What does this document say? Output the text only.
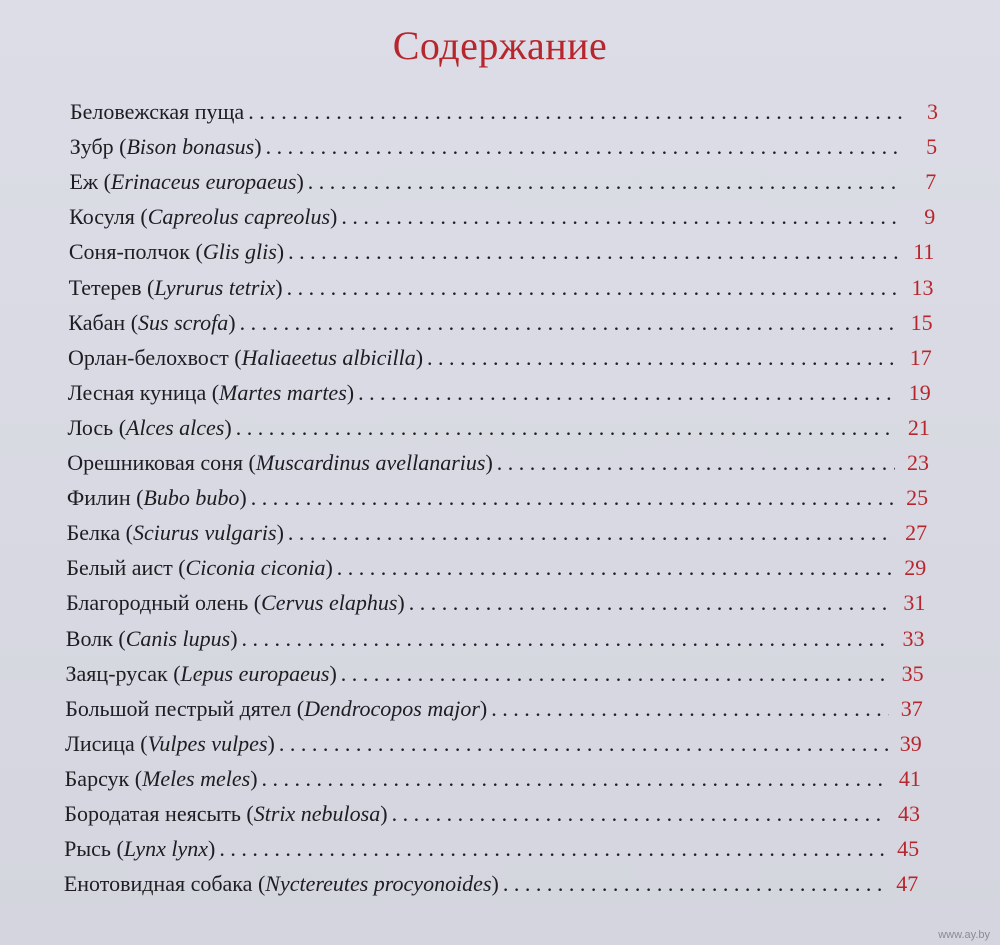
Содержание
Беловежская пуща . . .	3
Зубр (Bison bonasus) . . .	5
Еж (Erinaceus europaeus) . . .	7
Косуля (Capreolus capreolus) . . .	9
Соня-полчок (Glis glis) . . .	11
Тетерев (Lyrurus tetrix) . . .	13
Кабан (Sus scrofa) . . .	15
Орлан-белохвост (Haliaeetus albicilla) . . .	17
Лесная куница (Martes martes) . . .	19
Лось (Alces alces) . . .	21
Орешниковая соня (Muscardinus avellanarius) . . .	23
Филин (Bubo bubo) . . .	25
Белка (Sciurus vulgaris) . . .	27
Белый аист (Ciconia ciconia) . . .	29
Благородный олень (Cervus elaphus) . . .	31
Волк (Canis lupus) . . .	33
Заяц-русак (Lepus europaeus) . . .	35
Большой пестрый дятел (Dendrocopos major) . . .	37
Лисица (Vulpes vulpes) . . .	39
Барсук (Meles meles) . . .	41
Бородатая неясыть (Strix nebulosa) . . .	43
Рысь (Lynx lynx) . . .	45
Енотовидная собака (Nyctereutes procyonoides) . . .	47
www.ay.by
